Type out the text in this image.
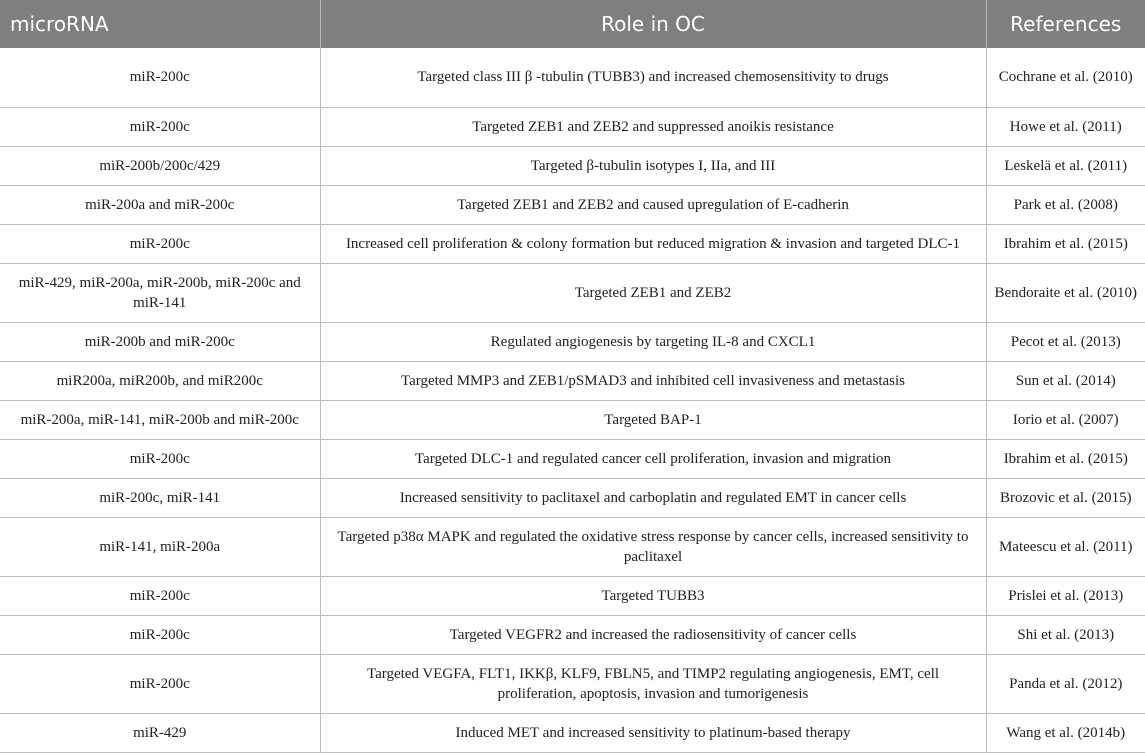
microRNA	Role in OC	References
miR-200c	Targeted class III β -tubulin (TUBB3) and increased chemosensitivity to drugs	Cochrane et al. (2010)
miR-200c	Targeted ZEB1 and ZEB2 and suppressed anoikis resistance	Howe et al. (2011)
miR-200b/200c/429	Targeted β-tubulin isotypes I, IIa, and III	Leskelä et al. (2011)
miR-200a and miR-200c	Targeted ZEB1 and ZEB2 and caused upregulation of E-cadherin	Park et al. (2008)
miR-200c	Increased cell proliferation & colony formation but reduced migration & invasion and targeted DLC-1	Ibrahim et al. (2015)
miR-429, miR-200a, miR-200b, miR-200c and miR-141	Targeted ZEB1 and ZEB2	Bendoraite et al. (2010)
miR-200b and miR-200c	Regulated angiogenesis by targeting IL-8 and CXCL1	Pecot et al. (2013)
miR200a, miR200b, and miR200c	Targeted MMP3 and ZEB1/pSMAD3 and inhibited cell invasiveness and metastasis	Sun et al. (2014)
miR-200a, miR-141, miR-200b and miR-200c	Targeted BAP-1	Iorio et al. (2007)
miR-200c	Targeted DLC-1 and regulated cancer cell proliferation, invasion and migration	Ibrahim et al. (2015)
miR-200c, miR-141	Increased sensitivity to paclitaxel and carboplatin and regulated EMT in cancer cells	Brozovic et al. (2015)
miR-141, miR-200a	Targeted p38α MAPK and regulated the oxidative stress response by cancer cells, increased sensitivity to paclitaxel	Mateescu et al. (2011)
miR-200c	Targeted TUBB3	Prislei et al. (2013)
miR-200c	Targeted VEGFR2 and increased the radiosensitivity of cancer cells	Shi et al. (2013)
miR-200c	Targeted VEGFA, FLT1, IKKβ, KLF9, FBLN5, and TIMP2 regulating angiogenesis, EMT, cell proliferation, apoptosis, invasion and tumorigenesis	Panda et al. (2012)
miR-429	Induced MET and increased sensitivity to platinum-based therapy	Wang et al. (2014b)
